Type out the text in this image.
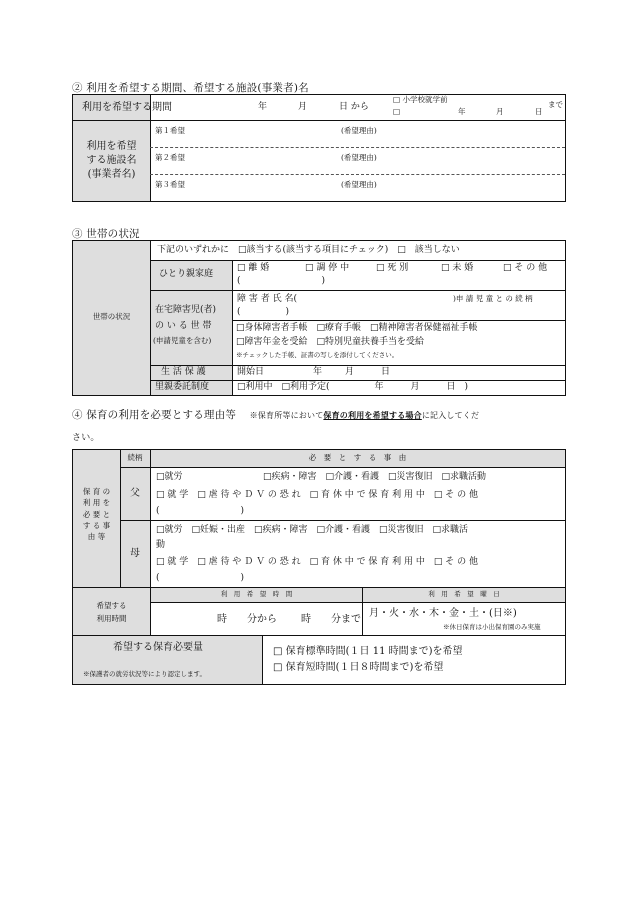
② 利用を希望する期間、希望する施設(事業者)名
利用を希望する期間	年	月	日 から
□ 小学校就学前
□	年	月	日
まで
利用を希望
する施設名
(事業者名)
第１希望	(希望理由)
第２希望	(希望理由)
第３希望	(希望理由)
③ 世帯の状況
世帯の状況
下記のいずれかに　□該当する(該当する項目にチェック)　□　該当しない
ひとり親家庭
□ 離 婚	□ 調 停 中	□ 死 別	□ 未 婚	□ そ の 他
(　　　　　　　　　)
在宅障害児(者)
の い る 世 帯
(申請児童を含む)
障 害 者 氏 名(	)申 請 児 童 と の 続 柄
(　　　　　)
□身体障害者手帳　□療育手帳　□精神障害者保健福祉手帳
□障害年金を受給　□特別児童扶養手当を受給
※チェックした手帳、証書の写しを添付してください。
生 活 保 護	開始日	年	月	日
里親委託制度	□利用中　□利用予定(　　　　　年　　　月　　　日　)
④ 保育の利用を必要とする理由等 ※保育所等において保育の利用を希望する場合に記入してくだ
さい。
続柄	必　要　と　す　る　事　由
保 育 の
利 用 を
必 要 と
す る 事
由 等
父
□就労	□疾病・障害　□介護・看護　□災害復旧　□求職活動
□ 就 学　□ 虐 待 や Ｄ Ｖ の 恐 れ　□ 育 休 中 で 保 育 利 用 中　□ そ の 他
(　　　　　　　　　)
母
□就労　□妊娠・出産　□疾病・障害　□介護・看護　□災害復旧　□求職活
動
□ 就 学　□ 虐 待 や Ｄ Ｖ の 恐 れ　□ 育 休 中 で 保 育 利 用 中　□ そ の 他
(　　　　　　　　　)
希望する
利用時間
利　用　希　望　時　間	利　用　希　望　曜　日
時　　分から 時　　分まで
月・火・水・木・金・土・(日※)
※休日保育は小出保育園のみ実施
希望する保育必要量
※保護者の就労状況等により認定します。
□ 保育標準時間(１日 11 時間まで)を希望
□ 保育短時間(１日８時間まで)を希望
